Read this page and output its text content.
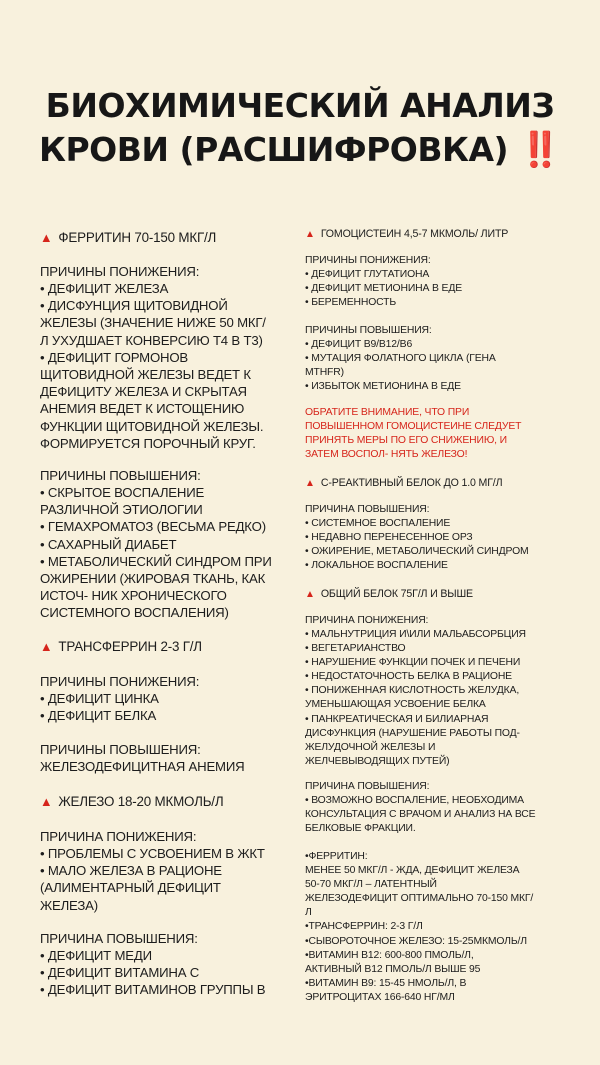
БИОХИМИЧЕСКИЙ АНАЛИЗ
КРОВИ (РАСШИФРОВКА) ‼️
▲ ФЕРРИТИН 70-150 МКГ/Л
ПРИЧИНЫ ПОНИЖЕНИЯ:
• ДЕФИЦИТ ЖЕЛЕЗА
• ДИСФУНЦИЯ ЩИТОВИДНОЙ
ЖЕЛЕЗЫ (ЗНАЧЕНИЕ НИЖЕ 50 МКГ/
Л УХУДШАЕТ КОНВЕРСИЮ Т4 В Т3)
• ДЕФИЦИТ ГОРМОНОВ
ЩИТОВИДНОЙ ЖЕЛЕЗЫ ВЕДЕТ К
ДЕФИЦИТУ ЖЕЛЕЗА И СКРЫТАЯ
АНЕМИЯ ВЕДЕТ К ИСТОЩЕНИЮ
ФУНКЦИИ ЩИТОВИДНОЙ ЖЕЛЕЗЫ.
ФОРМИРУЕТСЯ ПОРОЧНЫЙ КРУГ.
ПРИЧИНЫ ПОВЫШЕНИЯ:
• СКРЫТОЕ ВОСПАЛЕНИЕ
РАЗЛИЧНОЙ ЭТИОЛОГИИ
• ГЕМАХРОМАТОЗ (ВЕСЬМА РЕДКО)
• САХАРНЫЙ ДИАБЕТ
• МЕТАБОЛИЧЕСКИЙ СИНДРОМ ПРИ
ОЖИРЕНИИ (ЖИРОВАЯ ТКАНЬ, КАК
ИСТОЧ- НИК ХРОНИЧЕСКОГО
СИСТЕМНОГО ВОСПАЛЕНИЯ)
▲ ТРАНСФЕРРИН 2-3 Г/Л
ПРИЧИНЫ ПОНИЖЕНИЯ:
• ДЕФИЦИТ ЦИНКА
• ДЕФИЦИТ БЕЛКА
ПРИЧИНЫ ПОВЫШЕНИЯ:
ЖЕЛЕЗОДЕФИЦИТНАЯ АНЕМИЯ
▲ ЖЕЛЕЗО 18-20 МКМОЛЬ/Л
ПРИЧИНА ПОНИЖЕНИЯ:
• ПРОБЛЕМЫ С УСВОЕНИЕМ В ЖКТ
• МАЛО ЖЕЛЕЗА В РАЦИОНЕ
(АЛИМЕНТАРНЫЙ ДЕФИЦИТ
ЖЕЛЕЗА)
ПРИЧИНА ПОВЫШЕНИЯ:
• ДЕФИЦИТ МЕДИ
• ДЕФИЦИТ ВИТАМИНА С
• ДЕФИЦИТ ВИТАМИНОВ ГРУППЫ В
▲ ГОМОЦИСТЕИН 4,5-7 МКМОЛЬ/ ЛИТР
ПРИЧИНЫ ПОНИЖЕНИЯ:
• ДЕФИЦИТ ГЛУТАТИОНА
• ДЕФИЦИТ МЕТИОНИНА В ЕДЕ
• БЕРЕМЕННОСТЬ
ПРИЧИНЫ ПОВЫШЕНИЯ:
• ДЕФИЦИТ В9/В12/В6
• МУТАЦИЯ ФОЛАТНОГО ЦИКЛА (ГЕНА
MTHFR)
• ИЗБЫТОК МЕТИОНИНА В ЕДЕ
ОБРАТИТЕ ВНИМАНИЕ, ЧТО ПРИ
ПОВЫШЕННОМ ГОМОЦИСТЕИНЕ СЛЕДУЕТ
ПРИНЯТЬ МЕРЫ ПО ЕГО СНИЖЕНИЮ, И
ЗАТЕМ ВОСПОЛ- НЯТЬ ЖЕЛЕЗО!
▲ С-РЕАКТИВНЫЙ БЕЛОК ДО 1.0 МГ/Л
ПРИЧИНА ПОВЫШЕНИЯ:
• СИСТЕМНОЕ ВОСПАЛЕНИЕ
• НЕДАВНО ПЕРЕНЕСЕННОЕ ОРЗ
• ОЖИРЕНИЕ, МЕТАБОЛИЧЕСКИЙ СИНДРОМ
• ЛОКАЛЬНОЕ ВОСПАЛЕНИЕ
▲ ОБЩИЙ БЕЛОК 75Г/Л И ВЫШЕ
ПРИЧИНА ПОНИЖЕНИЯ:
• МАЛЬНУТРИЦИЯ И\ИЛИ МАЛЬАБСОРБЦИЯ
• ВЕГЕТАРИАНСТВО
• НАРУШЕНИЕ ФУНКЦИИ ПОЧЕК И ПЕЧЕНИ
• НЕДОСТАТОЧНОСТЬ БЕЛКА В РАЦИОНЕ
• ПОНИЖЕННАЯ КИСЛОТНОСТЬ ЖЕЛУДКА,
УМЕНЬШАЮЩАЯ УСВОЕНИЕ БЕЛКА
• ПАНКРЕАТИЧЕСКАЯ И БИЛИАРНАЯ
ДИСФУНКЦИЯ (НАРУШЕНИЕ РАБОТЫ ПОД-
ЖЕЛУДОЧНОЙ ЖЕЛЕЗЫ И
ЖЕЛЧЕВЫВОДЯЩИХ ПУТЕЙ)
ПРИЧИНА ПОВЫШЕНИЯ:
• ВОЗМОЖНО ВОСПАЛЕНИЕ, НЕОБХОДИМА
КОНСУЛЬТАЦИЯ С ВРАЧОМ И АНАЛИЗ НА ВСЕ
БЕЛКОВЫЕ ФРАКЦИИ.
•ФЕРРИТИН:
МЕНЕЕ 50 МКГ/Л - ЖДА, ДЕФИЦИТ ЖЕЛЕЗА
50-70 МКГ/Л – ЛАТЕНТНЫЙ
ЖЕЛЕЗОДЕФИЦИТ ОПТИМАЛЬНО 70-150 МКГ/
Л
•ТРАНСФЕРРИН: 2-3 Г/Л
•СЫВОРОТОЧНОЕ ЖЕЛЕЗО: 15-25МКМОЛЬ/Л
•ВИТАМИН В12: 600-800 ПМОЛЬ/Л,
АКТИВНЫЙ В12 ПМОЛЬ/Л ВЫШЕ 95
•ВИТАМИН В9: 15-45 НМОЛЬ/Л, В
ЭРИТРОЦИТАХ 166-640 НГ/МЛ
